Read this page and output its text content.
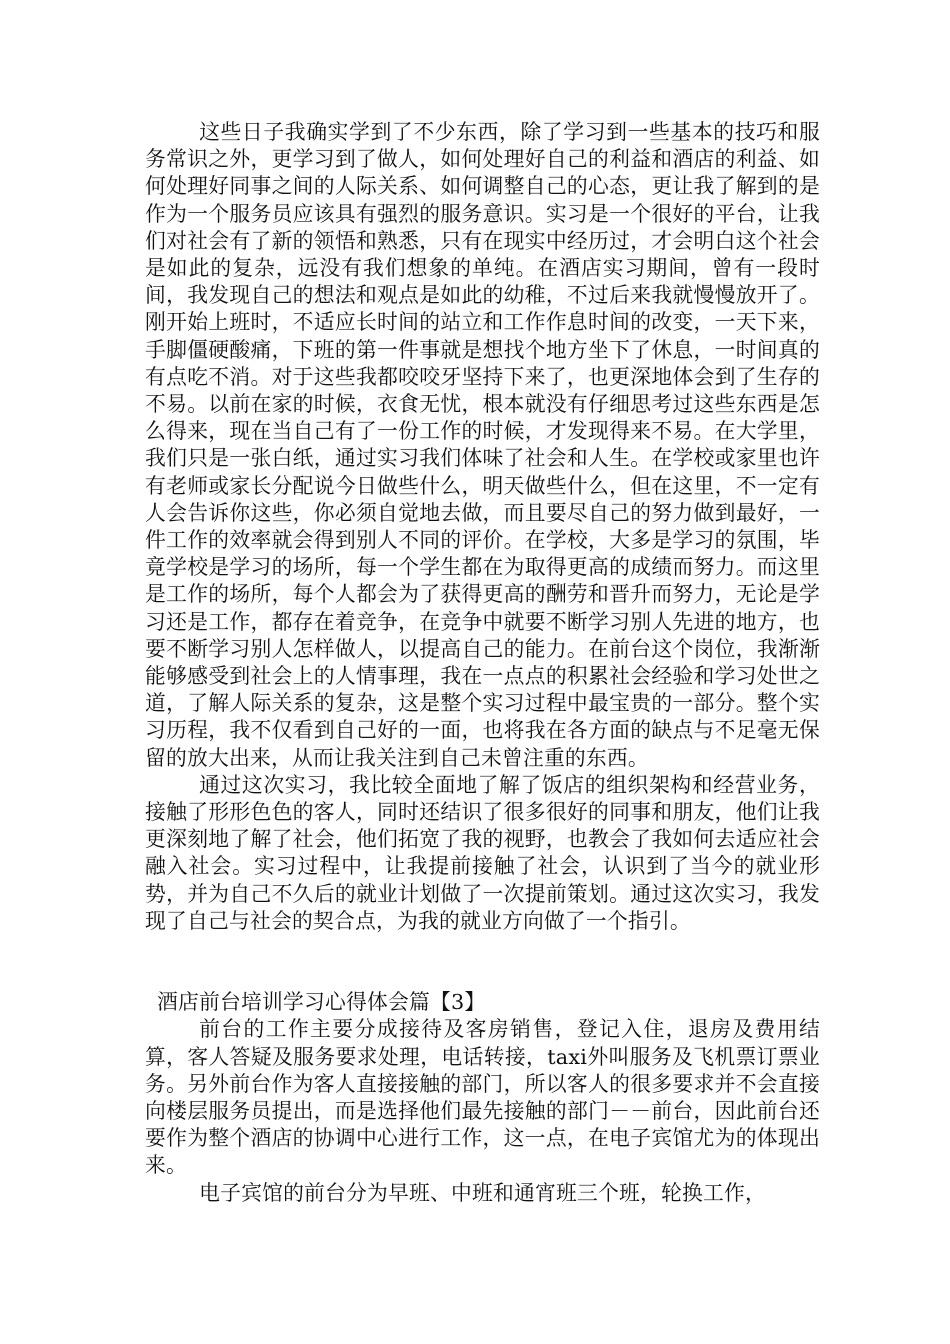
这些日子我确实学到了不少东西，除了学习到一些基本的技巧和服务常识之外，更学习到了做人，如何处理好自己的利益和酒店的利益、如何处理好同事之间的人际关系、如何调整自己的心态，更让我了解到的是作为一个服务员应该具有强烈的服务意识。实习是一个很好的平台，让我们对社会有了新的领悟和熟悉，只有在现实中经历过，才会明白这个社会是如此的复杂，远没有我们想象的单纯。在酒店实习期间，曾有一段时间，我发现自己的想法和观点是如此的幼稚，不过后来我就慢慢放开了。刚开始上班时，不适应长时间的站立和工作作息时间的改变，一天下来，手脚僵硬酸痛，下班的第一件事就是想找个地方坐下了休息，一时间真的有点吃不消。对于这些我都咬咬牙坚持下来了，也更深地体会到了生存的不易。以前在家的时候，衣食无忧，根本就没有仔细思考过这些东西是怎么得来，现在当自己有了一份工作的时候，才发现得来不易。在大学里，我们只是一张白纸，通过实习我们体味了社会和人生。在学校或家里也许有老师或家长分配说今日做些什么，明天做些什么，但在这里，不一定有人会告诉你这些，你必须自觉地去做，而且要尽自己的努力做到最好，一件工作的效率就会得到别人不同的评价。在学校，大多是学习的氛围，毕竟学校是学习的场所，每一个学生都在为取得更高的成绩而努力。而这里是工作的场所，每个人都会为了获得更高的酬劳和晋升而努力，无论是学习还是工作，都存在着竞争，在竞争中就要不断学习别人先进的地方，也要不断学习别人怎样做人，以提高自己的能力。在前台这个岗位，我渐渐能够感受到社会上的人情事理，我在一点点的积累社会经验和学习处世之道，了解人际关系的复杂，这是整个实习过程中最宝贵的一部分。整个实习历程，我不仅看到自己好的一面，也将我在各方面的缺点与不足毫无保留的放大出来，从而让我关注到自己未曾注重的东西。

通过这次实习，我比较全面地了解了饭店的组织架构和经营业务，接触了形形色色的客人，同时还结识了很多很好的同事和朋友，他们让我更深刻地了解了社会，他们拓宽了我的视野，也教会了我如何去适应社会融入社会。实习过程中，让我提前接触了社会，认识到了当今的就业形势，并为自己不久后的就业计划做了一次提前策划。通过这次实习，我发现了自己与社会的契合点，为我的就业方向做了一个指引。

酒店前台培训学习心得体会篇【3】

前台的工作主要分成接待及客房销售，登记入住，退房及费用结算，客人答疑及服务要求处理，电话转接，taxi外叫服务及飞机票订票业务。另外前台作为客人直接接触的部门，所以客人的很多要求并不会直接向楼层服务员提出，而是选择他们最先接触的部门－－前台，因此前台还要作为整个酒店的协调中心进行工作，这一点，在电子宾馆尤为的体现出来。

电子宾馆的前台分为早班、中班和通宵班三个班，轮换工作，
